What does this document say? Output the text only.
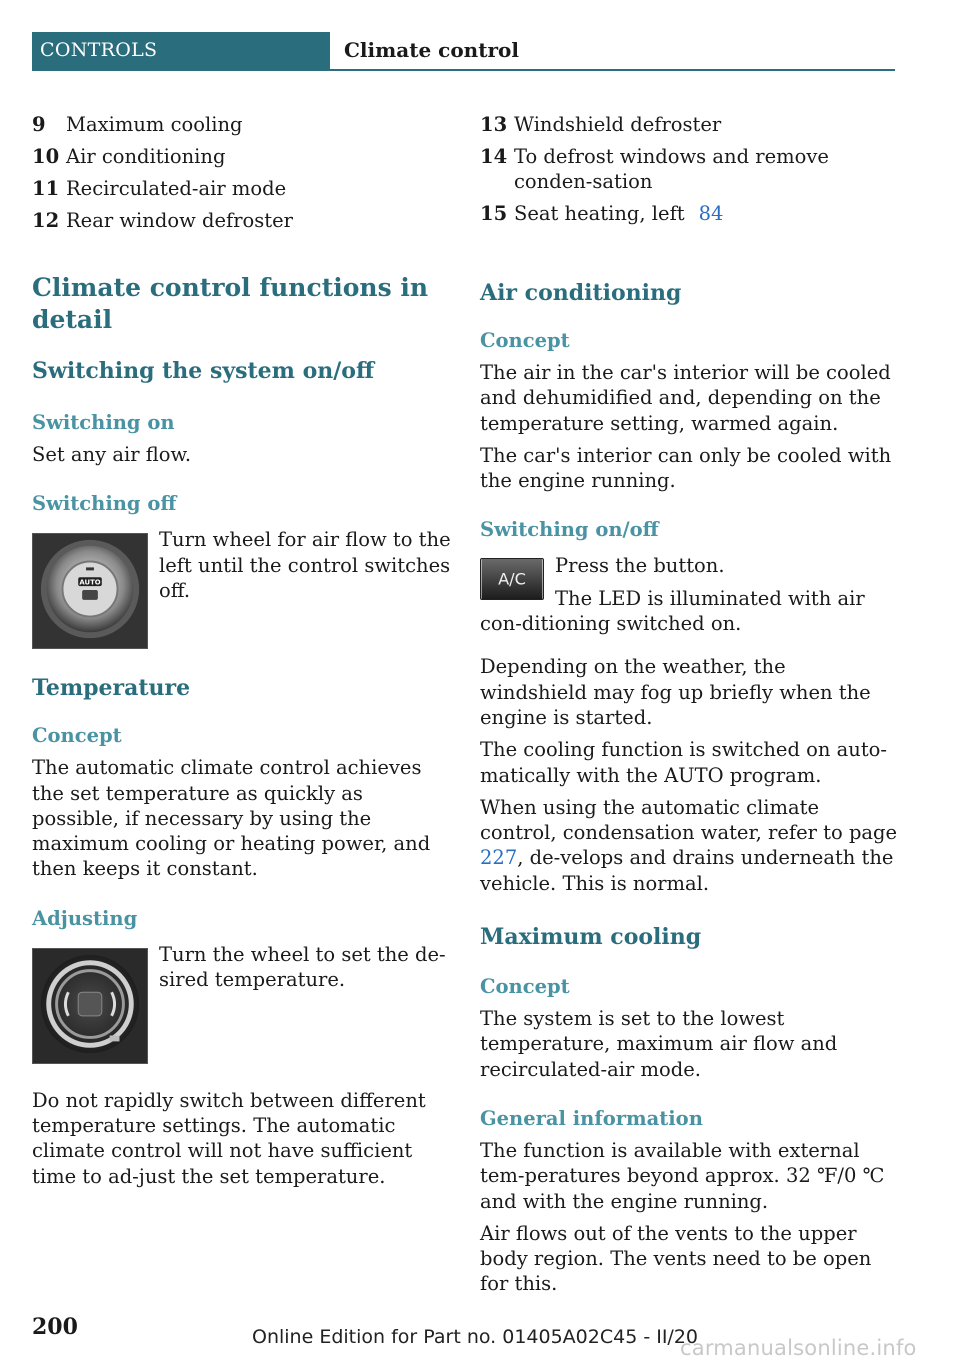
CONTROLS	Climate control
9	Maximum cooling
10 Air conditioning
11 Recirculated-air mode
12 Rear window defroster
Climate control functions in detail
Switching the system on/off
Switching on
Set any air flow.
Switching off
AUTO
Turn wheel for air flow to the left until the control switches off.
Temperature
Concept
The automatic climate control achieves the set temperature as quickly as possible, if necessary by using the maximum cooling or heating power, and then keeps it constant.
Adjusting
Turn the wheel to set the de‐sired temperature.
Do not rapidly switch between different temperature settings. The automatic climate control will not have sufficient time to ad‐just the set temperature.
13 Windshield defroster
14 To defrost windows and remove conden‐sation
15 Seat heating, left 84
Air conditioning
Concept
The air in the car's interior will be cooled and dehumidified and, depending on the temperature setting, warmed again.
The car's interior can only be cooled with the engine running.
Switching on/off
A/C
Press the button.
The LED is illuminated with air con‐ditioning switched on.
Depending on the weather, the windshield may fog up briefly when the engine is started.
The cooling function is switched on auto‐matically with the AUTO program.
When using the automatic climate control, condensation water, refer to page 227, de‐velops and drains underneath the vehicle. This is normal.
Maximum cooling
Concept
The system is set to the lowest temperature, maximum air flow and recirculated-air mode.
General information
The function is available with external tem‐peratures beyond approx. 32 ℉/0 ℃ and with the engine running.
Air flows out of the vents to the upper body region. The vents need to be open for this.
200	Online Edition for Part no. 01405A02C45 - II/20
carmanualsonline.info
